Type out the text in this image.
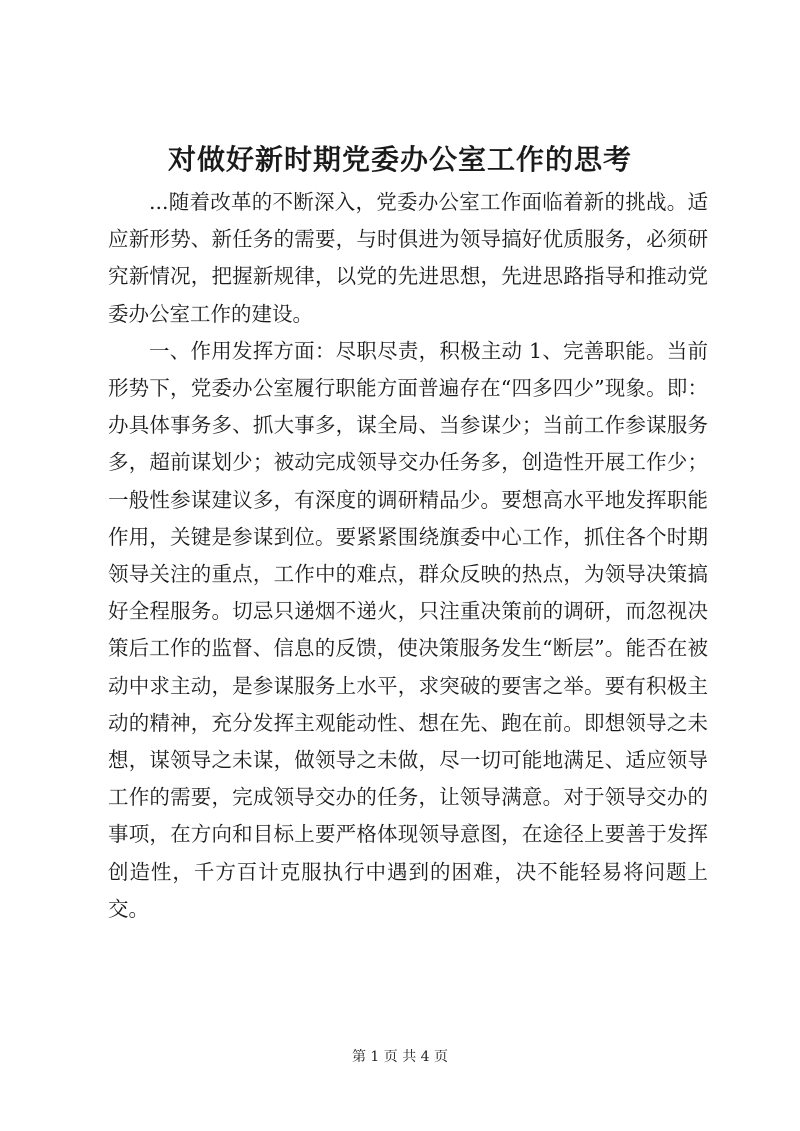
对做好新时期党委办公室工作的思考

...随着改革的不断深入，党委办公室工作面临着新的挑战。适应新形势、新任务的需要，与时俱进为领导搞好优质服务，必须研究新情况，把握新规律，以党的先进思想，先进思路指导和推动党委办公室工作的建设。

一、作用发挥方面：尽职尽责，积极主动 1、完善职能。当前形势下，党委办公室履行职能方面普遍存在“四多四少”现象。即：办具体事务多、抓大事多，谋全局、当参谋少；当前工作参谋服务多，超前谋划少；被动完成领导交办任务多，创造性开展工作少；一般性参谋建议多，有深度的调研精品少。要想高水平地发挥职能作用，关键是参谋到位。要紧紧围绕旗委中心工作，抓住各个时期领导关注的重点，工作中的难点，群众反映的热点，为领导决策搞好全程服务。切忌只递烟不递火，只注重决策前的调研，而忽视决策后工作的监督、信息的反馈，使决策服务发生“断层”。能否在被动中求主动，是参谋服务上水平，求突破的要害之举。要有积极主动的精神，充分发挥主观能动性、想在先、跑在前。即想领导之未想，谋领导之未谋，做领导之未做，尽一切可能地满足、适应领导工作的需要，完成领导交办的任务，让领导满意。对于领导交办的事项，在方向和目标上要严格体现领导意图，在途径上要善于发挥创造性，千方百计克服执行中遇到的困难，决不能轻易将问题上交。

第 1 页 共 4 页
